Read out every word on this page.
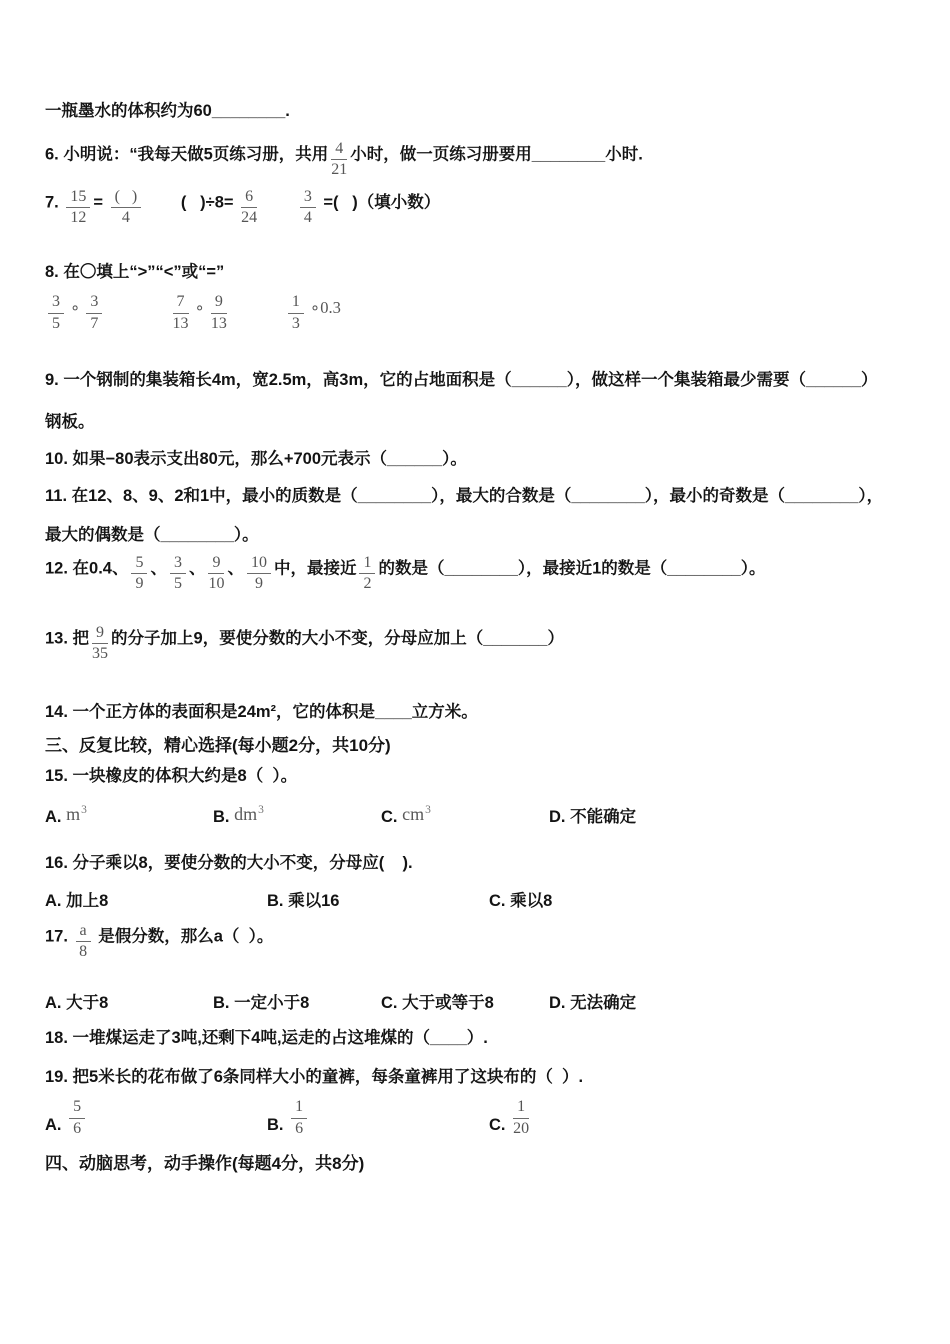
一瓶墨水的体积约为60________.
6. 小明说：“我每天做5页练习册，共用 $\frac{4}{21}$ 小时，做一页练习册要用________小时.
7. $\frac{15}{12} = \frac{( )}{4}$ (   )$\div 8= \frac{6}{24}$
	$\frac{3}{4}$ =(   )（填小数）
8. 在〇填上“>”“<”或“=”
$\frac{3}{5}$ ∘ $\frac{3}{7}$
	$\frac{7}{13}$ ∘ $\frac{9}{13}$
	$\frac{1}{3}$ ∘0.3
9. 一个钢制的集装箱长4m，宽2.5m，高3m，它的占地面积是（______），做这样一个集装箱最少需要（______）
钢板。
10. 如果−80表示支出80元，那么+700元表示（______）。
11. 在12、8、9、2和1中，最小的质数是（________），最大的合数是（________），最小的奇数是（________），
最大的偶数是（________）。
12. 在0.4、 $\frac{5}{9}$ 、 $\frac{3}{5}$ 、 $\frac{9}{10}$ 、 $\frac{10}{9}$ 中，最接近 $\frac{1}{2}$ 的数是（________），最接近1的数是（________）。
13. 把 $\frac{9}{35}$ 的分子加上9，要使分数的大小不变，分母应加上（_______）
14. 一个正方体的表面积是24m²，它的体积是____立方米。
三、反复比较，精心选择(每小题2分，共10分)
15. 一块橡皮的体积大约是8（  ）。
A. $m^3$	B. $dm^3$	C. $cm^3$	D. 不能确定
16. 分子乘以8，要使分数的大小不变，分母应(    ).
A. 加上8	B. 乘以16	C. 乘以8
17. $\frac{a}{8}$ 是假分数，那么a（  ）。
A. 大于8	B. 一定小于8	C. 大于或等于8	D. 无法确定
18. 一堆煤运走了3吨,还剩下4吨,运走的占这堆煤的（____）.
19. 把5米长的花布做了6条同样大小的童裤，每条童裤用了这块布的（  ）.
A. $\frac{5}{6}$	B. $\frac{1}{6}$	C. $\frac{1}{20}$
四、动脑思考，动手操作(每题4分，共8分)
